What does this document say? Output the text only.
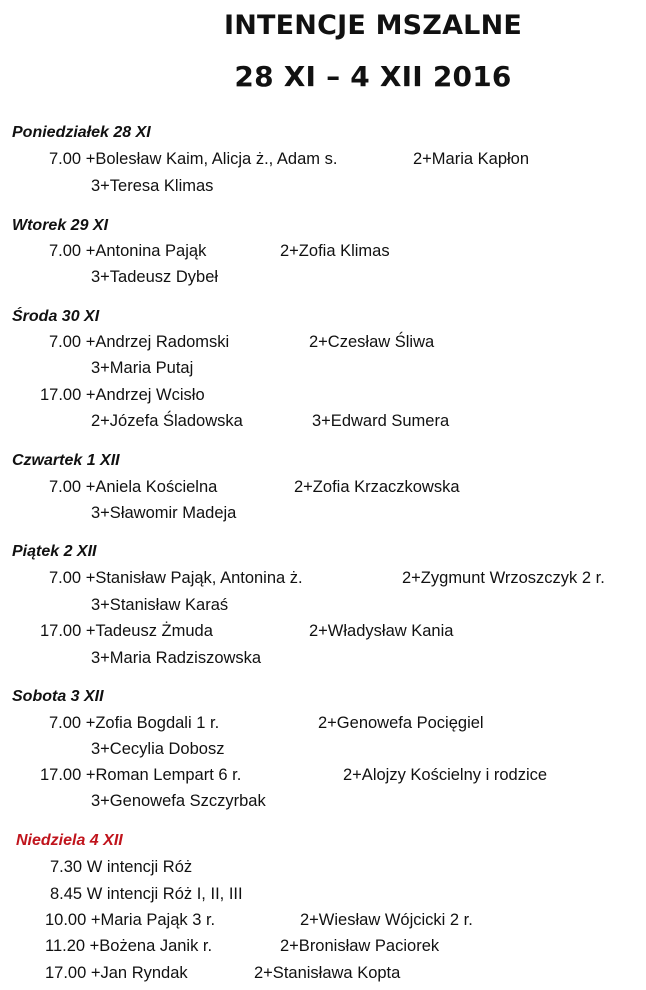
INTENCJE MSZALNE
28 XI – 4 XII 2016
Poniedziałek 28 XI
7.00 +Bolesław Kaim, Alicja ż., Adam s.	2+Maria Kapłon
3+Teresa Klimas
Wtorek 29 XI
7.00 +Antonina Pająk	2+Zofia Klimas
3+Tadeusz Dybeł
Środa 30 XI
7.00 +Andrzej Radomski	2+Czesław Śliwa
3+Maria Putaj
17.00 +Andrzej Wcisło
2+Józefa Śladowska	3+Edward Sumera
Czwartek 1 XII
7.00 +Aniela Kościelna	2+Zofia Krzaczkowska
3+Sławomir Madeja
Piątek 2 XII
7.00 +Stanisław Pająk, Antonina ż.	2+Zygmunt Wrzoszczyk 2 r.
3+Stanisław Karaś
17.00 +Tadeusz Żmuda	2+Władysław Kania
3+Maria Radziszowska
Sobota 3 XII
7.00 +Zofia Bogdali 1 r.	2+Genowefa Pocięgiel
3+Cecylia Dobosz
17.00 +Roman Lempart 6 r.	2+Alojzy Kościelny i rodzice
3+Genowefa Szczyrbak
Niedziela 4 XII
7.30 W intencji Róż
8.45 W intencji Róż I, II, III
10.00 +Maria Pająk 3 r.	2+Wiesław Wójcicki 2 r.
11.20 +Bożena Janik r.	2+Bronisław Paciorek
17.00 +Jan Ryndak	2+Stanisława Kopta
